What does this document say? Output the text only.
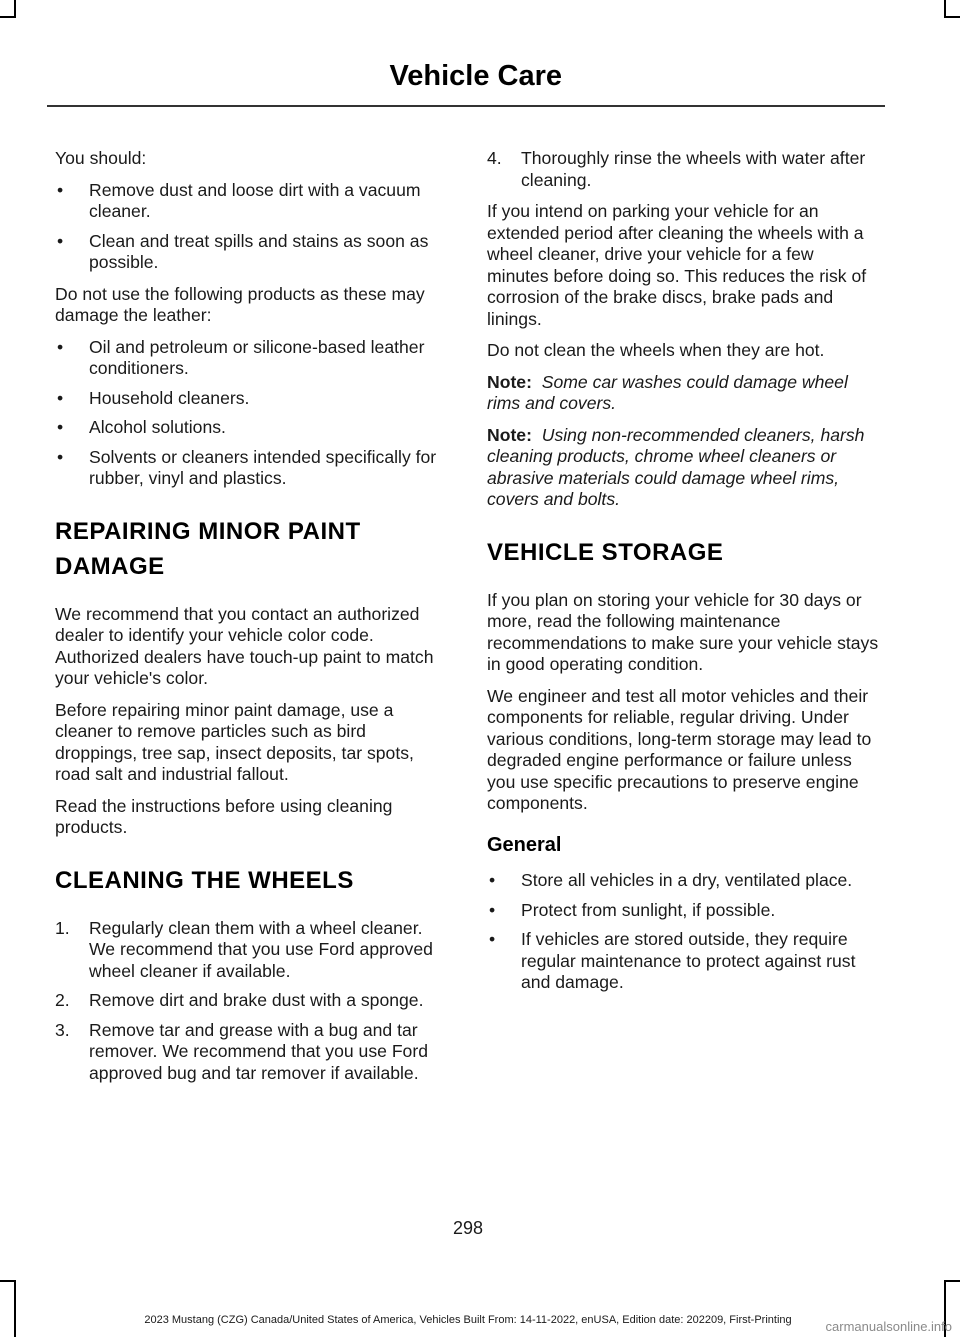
Vehicle Care

You should:

• Remove dust and loose dirt with a vacuum cleaner.
• Clean and treat spills and stains as soon as possible.

Do not use the following products as these may damage the leather:

• Oil and petroleum or silicone-based leather conditioners.
• Household cleaners.
• Alcohol solutions.
• Solvents or cleaners intended specifically for rubber, vinyl and plastics.
REPAIRING MINOR PAINT
DAMAGE

We recommend that you contact an authorized dealer to identify your vehicle color code. Authorized dealers have touch-up paint to match your vehicle's color.

Before repairing minor paint damage, use a cleaner to remove particles such as bird droppings, tree sap, insect deposits, tar spots, road salt and industrial fallout.

Read the instructions before using cleaning products.

CLEANING THE WHEELS
1. Regularly clean them with a wheel cleaner. We recommend that you use Ford approved wheel cleaner if available.
2. Remove dirt and brake dust with a sponge.
3. Remove tar and grease with a bug and tar remover. We recommend that you use Ford approved bug and tar remover if available.
4. Thoroughly rinse the wheels with water after cleaning.

If you intend on parking your vehicle for an extended period after cleaning the wheels with a wheel cleaner, drive your vehicle for a few minutes before doing so. This reduces the risk of corrosion of the brake discs, brake pads and linings.

Do not clean the wheels when they are hot.

Note: Some car washes could damage wheel rims and covers.

Note: Using non-recommended cleaners, harsh cleaning products, chrome wheel cleaners or abrasive materials could damage wheel rims, covers and bolts.

VEHICLE STORAGE

If you plan on storing your vehicle for 30 days or more, read the following maintenance recommendations to make sure your vehicle stays in good operating condition.

We engineer and test all motor vehicles and their components for reliable, regular driving. Under various conditions, long-term storage may lead to degraded engine performance or failure unless you use specific precautions to preserve engine components.

General
• Store all vehicles in a dry, ventilated place.
• Protect from sunlight, if possible.
• If vehicles are stored outside, they require regular maintenance to protect against rust and damage.
298
2023 Mustang (CZG) Canada/United States of America, Vehicles Built From: 14-11-2022, enUSA, Edition date: 202209, First-Printing	carmanualsonline.info
